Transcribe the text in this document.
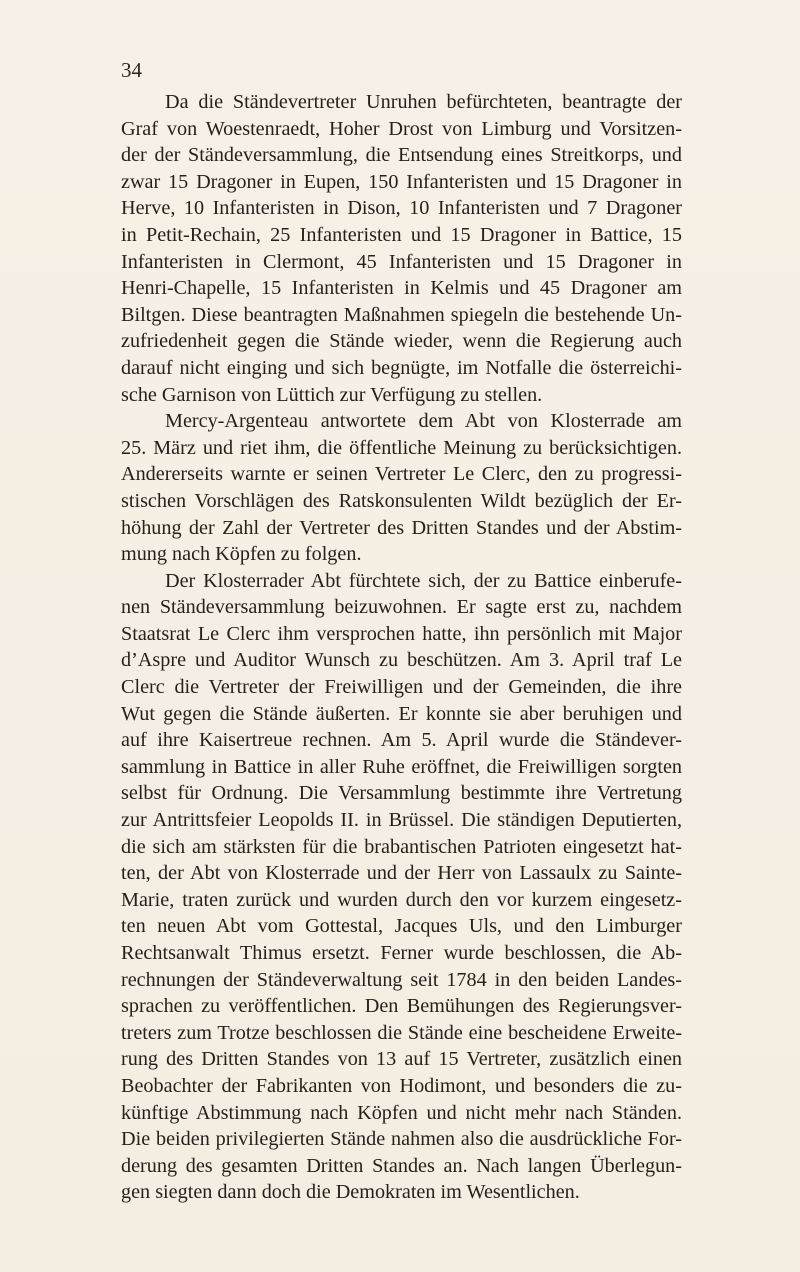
34
Da die Ständevertreter Unruhen befürchteten, beantragte der
Graf von Woestenraedt, Hoher Drost von Limburg und Vorsitzen-
der der Ständeversammlung, die Entsendung eines Streitkorps, und
zwar 15 Dragoner in Eupen, 150 Infanteristen und 15 Dragoner in
Herve, 10 Infanteristen in Dison, 10 Infanteristen und 7 Dragoner
in Petit-Rechain, 25 Infanteristen und 15 Dragoner in Battice, 15
Infanteristen in Clermont, 45 Infanteristen und 15 Dragoner in
Henri-Chapelle, 15 Infanteristen in Kelmis und 45 Dragoner am
Biltgen. Diese beantragten Maßnahmen spiegeln die bestehende Un-
zufriedenheit gegen die Stände wieder, wenn die Regierung auch
darauf nicht einging und sich begnügte, im Notfalle die österreichi-
sche Garnison von Lüttich zur Verfügung zu stellen.
Mercy-Argenteau antwortete dem Abt von Klosterrade am
25. März und riet ihm, die öffentliche Meinung zu berücksichtigen.
Andererseits warnte er seinen Vertreter Le Clerc, den zu progressi-
stischen Vorschlägen des Ratskonsulenten Wildt bezüglich der Er-
höhung der Zahl der Vertreter des Dritten Standes und der Abstim-
mung nach Köpfen zu folgen.
Der Klosterrader Abt fürchtete sich, der zu Battice einberufe-
nen Ständeversammlung beizuwohnen. Er sagte erst zu, nachdem
Staatsrat Le Clerc ihm versprochen hatte, ihn persönlich mit Major
d’Aspre und Auditor Wunsch zu beschützen. Am 3. April traf Le
Clerc die Vertreter der Freiwilligen und der Gemeinden, die ihre
Wut gegen die Stände äußerten. Er konnte sie aber beruhigen und
auf ihre Kaisertreue rechnen. Am 5. April wurde die Ständever-
sammlung in Battice in aller Ruhe eröffnet, die Freiwilligen sorgten
selbst für Ordnung. Die Versammlung bestimmte ihre Vertretung
zur Antrittsfeier Leopolds II. in Brüssel. Die ständigen Deputierten,
die sich am stärksten für die brabantischen Patrioten eingesetzt hat-
ten, der Abt von Klosterrade und der Herr von Lassaulx zu Sainte-
Marie, traten zurück und wurden durch den vor kurzem eingesetz-
ten neuen Abt vom Gottestal, Jacques Uls, und den Limburger
Rechtsanwalt Thimus ersetzt. Ferner wurde beschlossen, die Ab-
rechnungen der Ständeverwaltung seit 1784 in den beiden Landes-
sprachen zu veröffentlichen. Den Bemühungen des Regierungsver-
treters zum Trotze beschlossen die Stände eine bescheidene Erweite-
rung des Dritten Standes von 13 auf 15 Vertreter, zusätzlich einen
Beobachter der Fabrikanten von Hodimont, und besonders die zu-
künftige Abstimmung nach Köpfen und nicht mehr nach Ständen.
Die beiden privilegierten Stände nahmen also die ausdrückliche For-
derung des gesamten Dritten Standes an. Nach langen Überlegun-
gen siegten dann doch die Demokraten im Wesentlichen.
